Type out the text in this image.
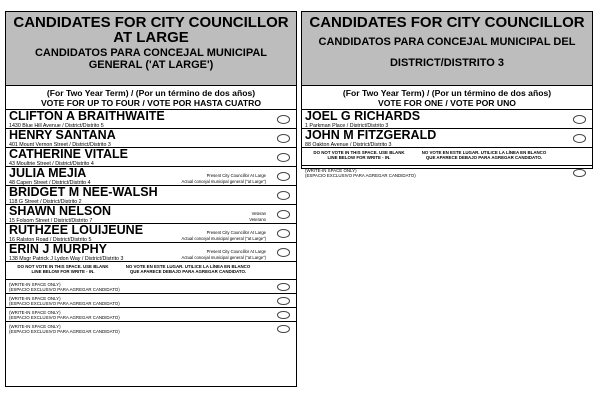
CANDIDATES FOR CITY COUNCILLOR AT LARGE
CANDIDATOS PARA CONCEJAL MUNICIPAL
GENERAL ('AT LARGE')
(For Two Year Term) / (Por un término de dos años)
VOTE FOR UP TO FOUR / VOTE POR HASTA CUATRO
CLIFTON A BRAITHWAITE
1430 Blue Hill Avenue / District/Distrito 5
HENRY SANTANA
401 Mount Vernon Street / District/Distrito 3
CATHERINE VITALE
43 Moultrie Street / District/Distrito 4
JULIA MEJIA
48 Capen Street / District/Distrito 4
Present City Councillor At Large
Actual concejal municipal general ("at Large")
BRIDGET M NEE-WALSH
118 G Street / District/Distrito 2
SHAWN NELSON
15 Folsom Street / District/Distrito 7
Veteran
Veterano
RUTHZEE LOUIJEUNE
16 Ralston Road / District/Distrito 5
Present City Councillor At Large
Actual concejal municipal general ("at Large")
ERIN J MURPHY
138 Msgr Patrick J Lydon Way / District/Distrito 3
Present City Councillor At Large
Actual concejal municipal general ("at Large")
DO NOT VOTE IN THIS SPACE. USE BLANK LINE BELOW FOR WRITE - IN.
NO VOTE EN ESTE LUGAR. UTILICE LA LÍNEA EN BLANCO QUE APARECE DEBAJO PARA AGREGAR CANDIDATO.
(WRITE-IN SPACE ONLY)
(ESPACIO EXCLUSIVO PARA AGREGAR CANDIDATO)
(WRITE-IN SPACE ONLY)
(ESPACIO EXCLUSIVO PARA AGREGAR CANDIDATO)
(WRITE-IN SPACE ONLY)
(ESPACIO EXCLUSIVO PARA AGREGAR CANDIDATO)
(WRITE-IN SPACE ONLY)
(ESPACIO EXCLUSIVO PARA AGREGAR CANDIDATO)
CANDIDATES FOR CITY COUNCILLOR
CANDIDATOS PARA CONCEJAL MUNICIPAL DEL
DISTRICT/DISTRITO 3
(For Two Year Term) / (Por un término de dos años)
VOTE FOR ONE / VOTE POR UNO
JOEL G RICHARDS
1 Parkman Place / District/Distrito 3
JOHN M FITZGERALD
88 Oakton Avenue / District/Distrito 3
DO NOT VOTE IN THIS SPACE. USE BLANK LINE BELOW FOR WRITE - IN.
NO VOTE EN ESTE LUGAR. UTILICE LA LÍNEA EN BLANCO QUE APARECE DEBAJO PARA AGREGAR CANDIDATO.
(WRITE-IN SPACE ONLY)
(ESPACIO EXCLUSIVO PARA AGREGAR CANDIDATO)
